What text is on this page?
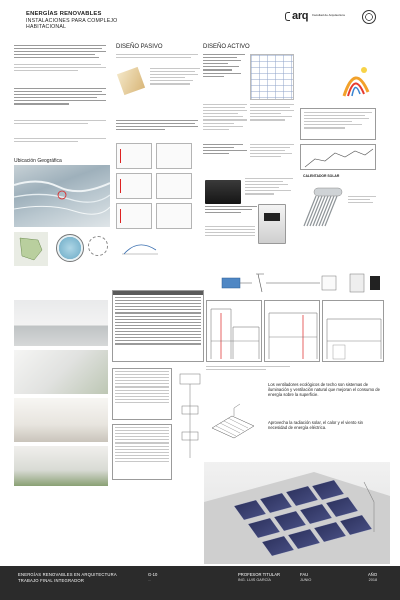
ENERGÍAS RENOVABLES
INSTALACIONES PARA COMPLEJO
HABITACIONAL
arq Facultad de Arquitectura
Ubicación Geográfica
DISEÑO PASIVO	DISEÑO ACTIVO
CALENTADOR SOLAR
Los ventiladores ecológicos de techo son sistemas de iluminación y ventilación natural que mejoran el consumo de energía sobre la superficie.
Aprovecha la radiación solar, el calor y el viento sin necesidad de energía eléctrica.
ENERGÍAS RENOVABLES EN ARQUITECTURA
TRABAJO FINAL INTEGRADOR
G-10
...
PROFESOR TITULAR
ING. LUIS GARCÍA
FAU
JUNIO
AÑO
2018
